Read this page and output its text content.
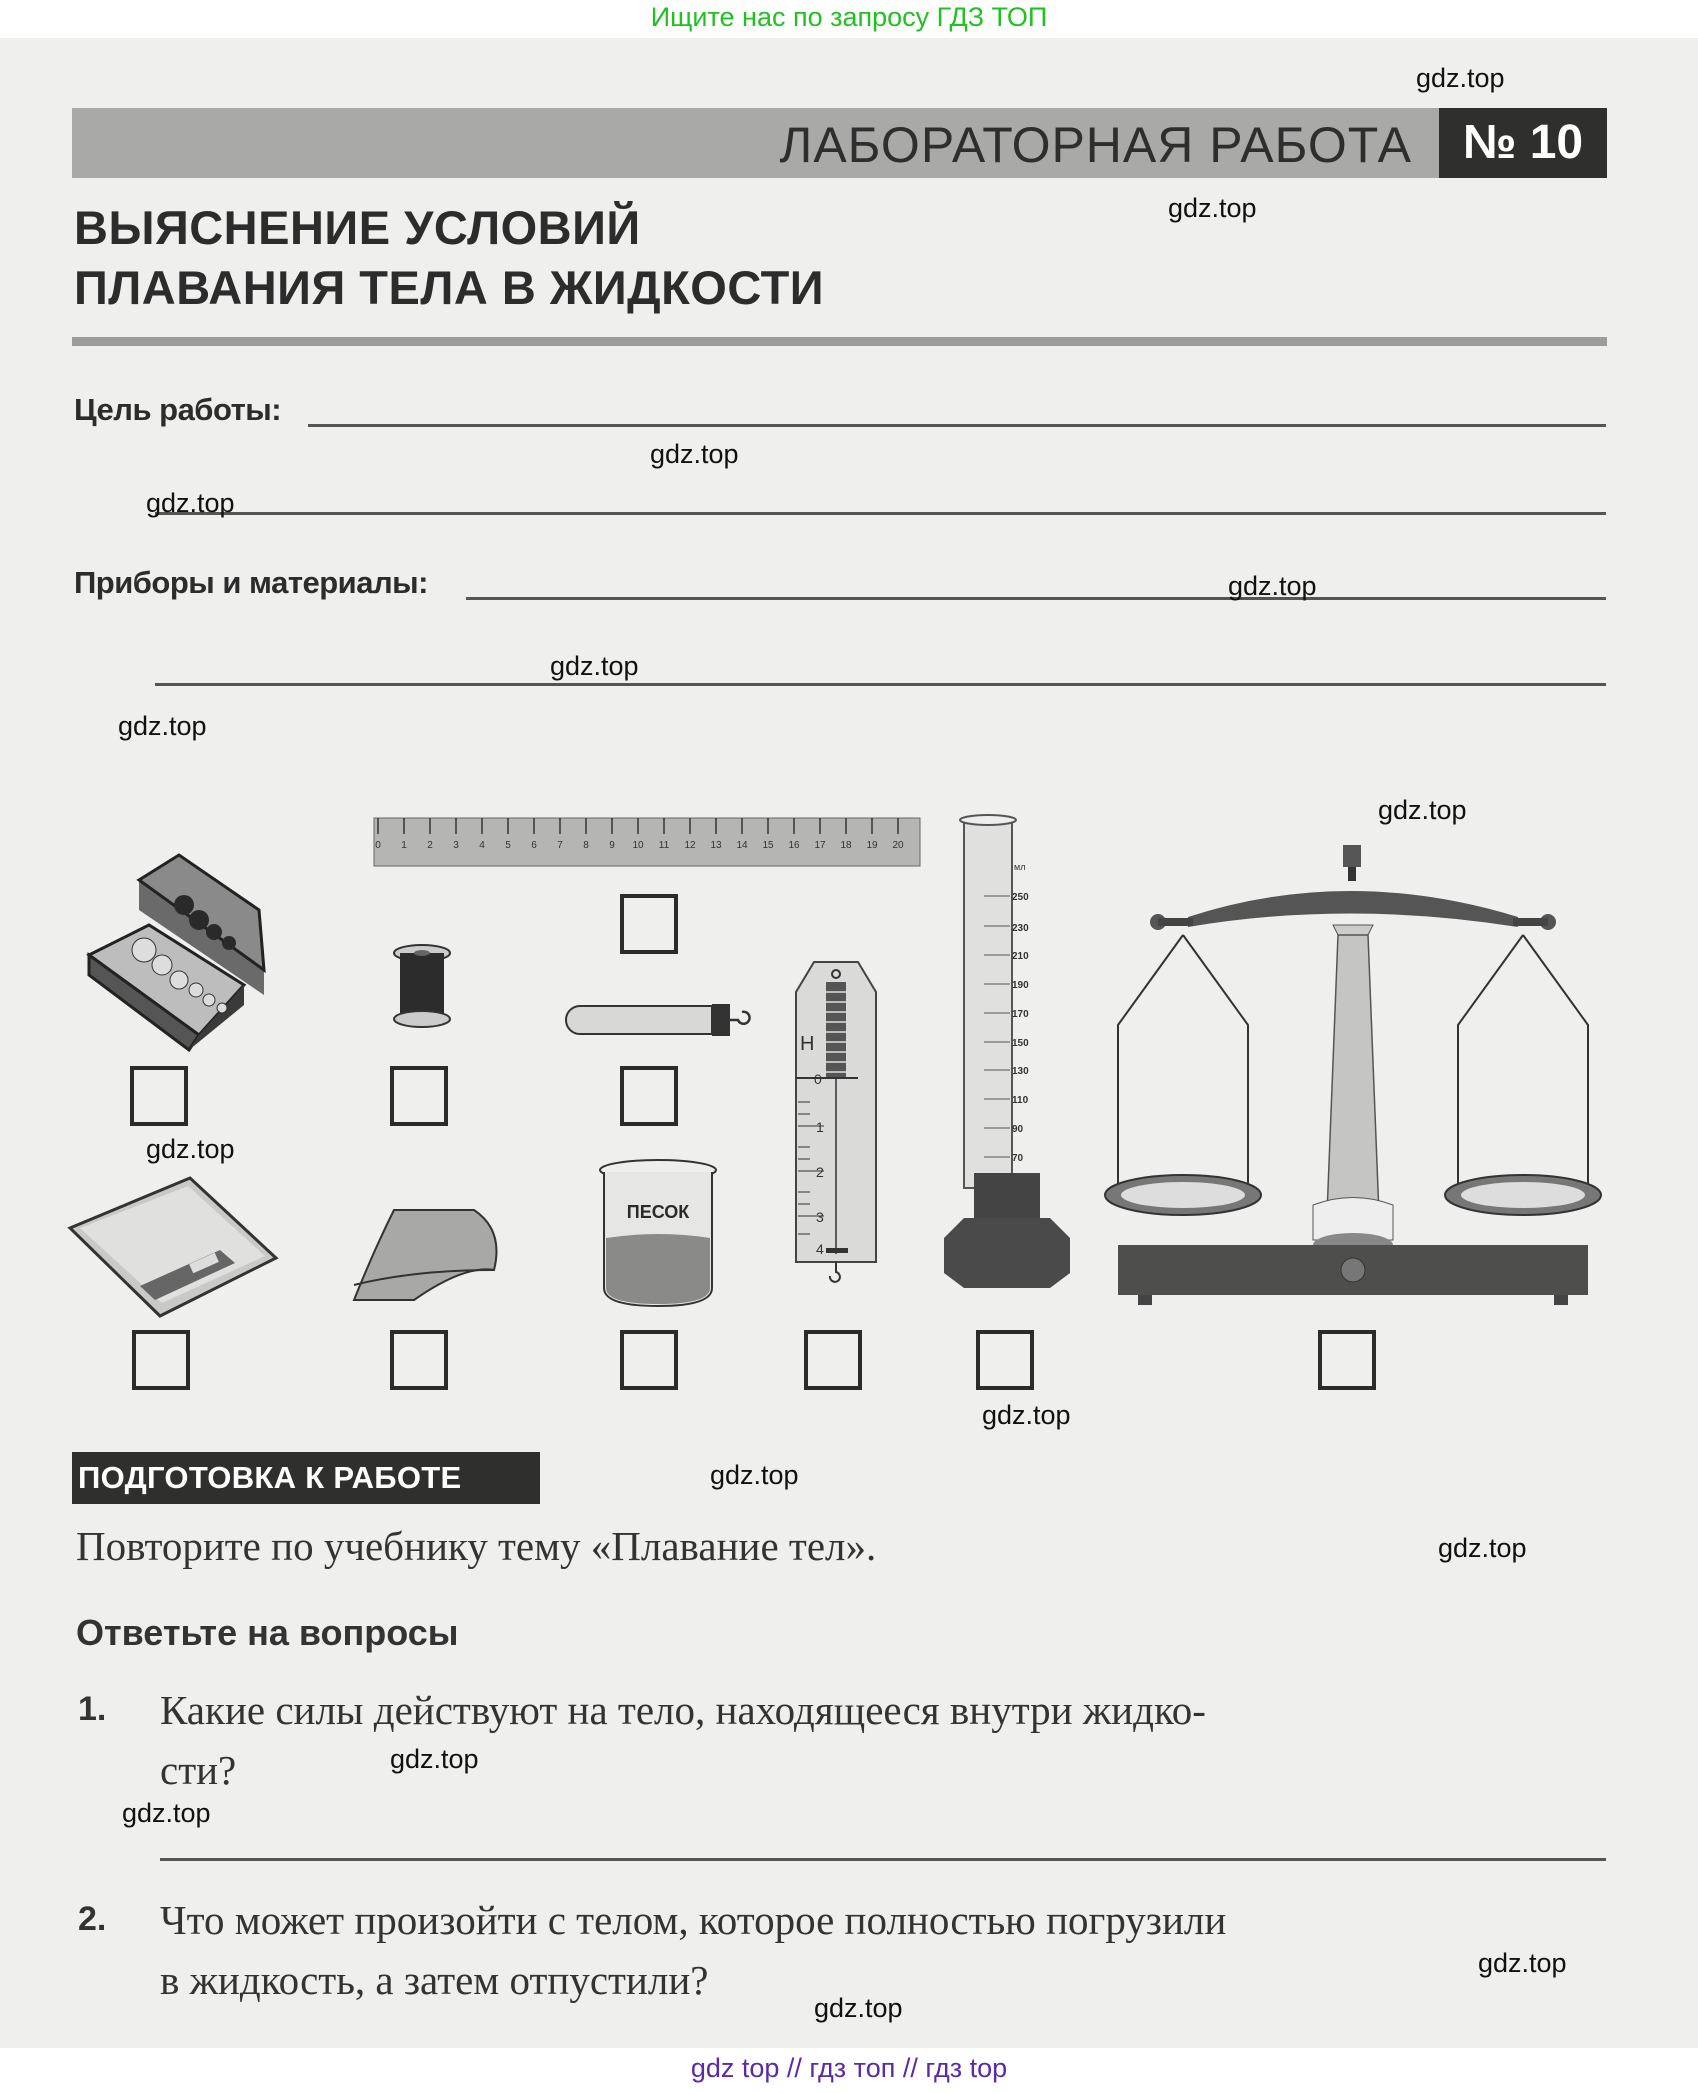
Ищите нас по запросу ГДЗ ТОП
ЛАБОРАТОРНАЯ РАБОТА	№ 10
ВЫЯСНЕНИЕ УСЛОВИЙ
ПЛАВАНИЯ ТЕЛА В ЖИДКОСТИ
Цель работы:
Приборы и материалы:
0 1 2 3 4 5 6 7 8 9 10 11 12 13 14 15 16 17 18 19 20
Н
0
1
2
3
4
мл
250
230
210
190
170
150
130
110
90
70
ПЕСОК
ПОДГОТОВКА К РАБОТЕ
Повторите по учебнику тему «Плавание тел».
Ответьте на вопросы
1. Какие силы действуют на тело, находящееся внутри жидко-
сти?
2. Что может произойти с телом, которое полностью погрузили
в жидкость, а затем отпустили?
gdz.top
gdz.top
gdz.top
gdz.top
gdz.top
gdz.top
gdz.top
gdz.top
gdz.top
gdz.top
gdz.top
gdz.top
gdz.top
gdz.top
gdz.top
gdz.top
gdz top // гдз топ // гдз top
